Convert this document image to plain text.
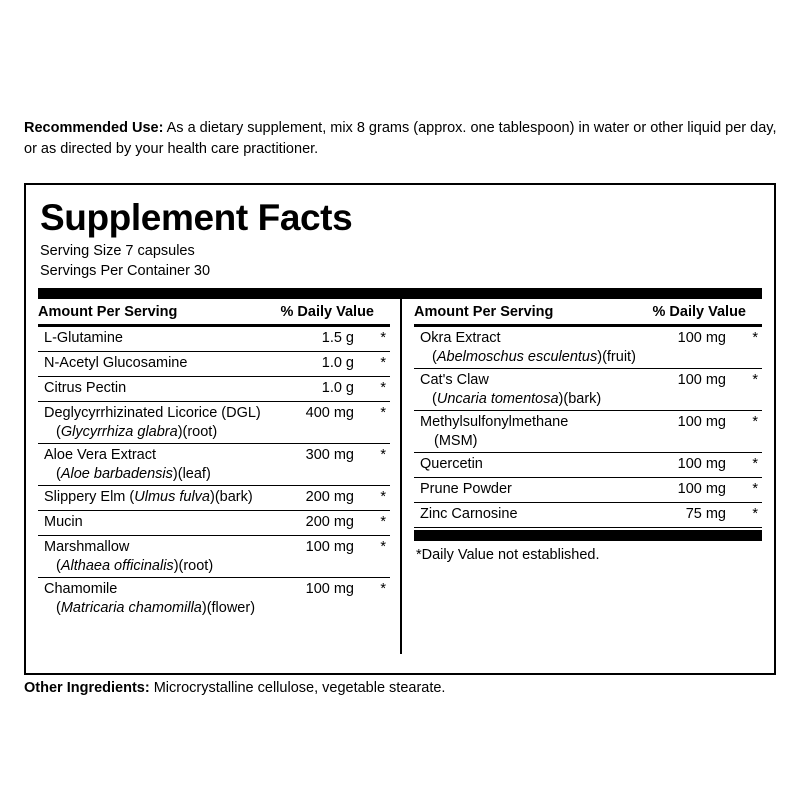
Recommended Use: As a dietary supplement, mix 8 grams (approx. one tablespoon) in water or other liquid per day, or as directed by your health care practitioner.
Supplement Facts
Serving Size 7 capsules
Servings Per Container 30
Amount Per Serving	% Daily Value
L-Glutamine	1.5 g	*
N-Acetyl Glucosamine	1.0 g	*
Citrus Pectin	1.0 g	*
Deglycyrrhizinated Licorice (DGL)	400 mg	*
(Glycyrrhiza glabra)(root)
Aloe Vera Extract	300 mg	*
(Aloe barbadensis)(leaf)
Slippery Elm (Ulmus fulva)(bark)	200 mg	*
Mucin	200 mg	*
Marshmallow	100 mg	*
(Althaea officinalis)(root)
Chamomile	100 mg	*
(Matricaria chamomilla)(flower)
Amount Per Serving	% Daily Value
Okra Extract	100 mg	*
(Abelmoschus esculentus)(fruit)
Cat's Claw	100 mg	*
(Uncaria tomentosa)(bark)
Methylsulfonylmethane	100 mg	*
(MSM)
Quercetin	100 mg	*
Prune Powder	100 mg	*
Zinc Carnosine	75 mg	*
*Daily Value not established.
Other Ingredients: Microcrystalline cellulose, vegetable stearate.
